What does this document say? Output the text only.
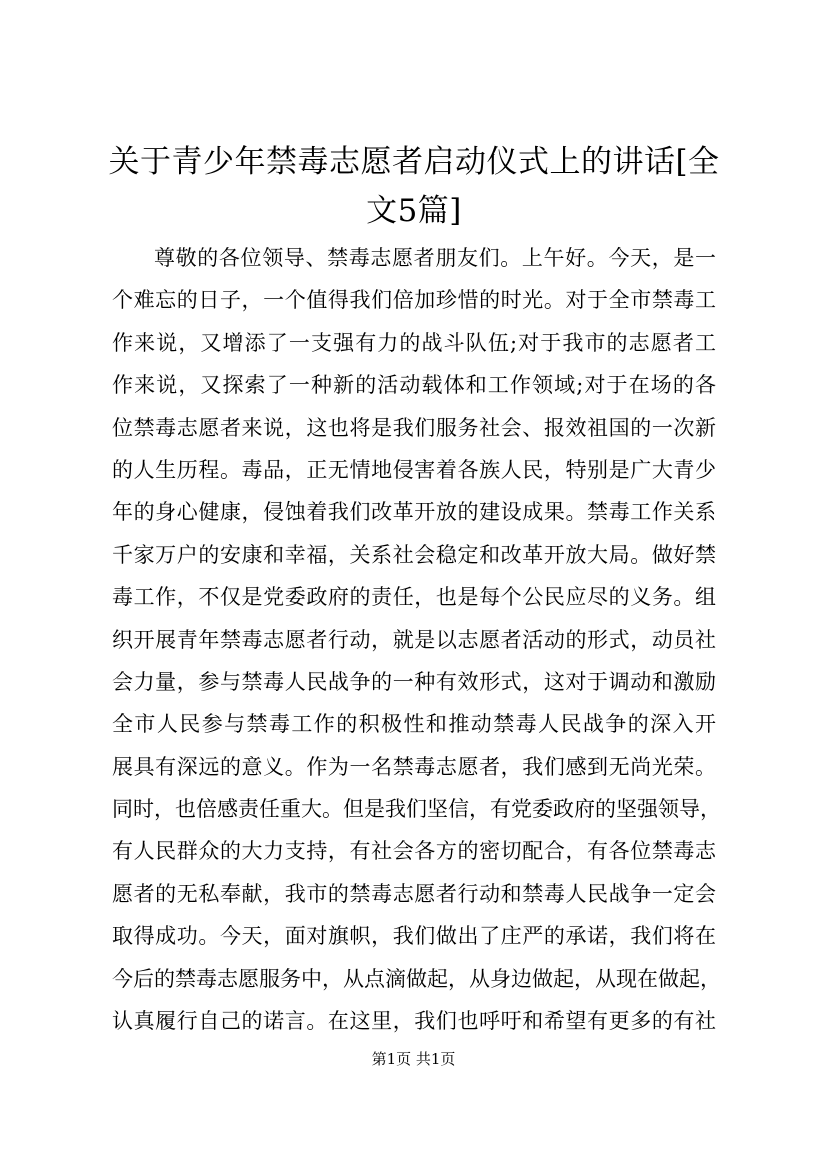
关于青少年禁毒志愿者启动仪式上的讲话[全文5篇]
尊敬的各位领导、禁毒志愿者朋友们。上午好。今天，是一
个难忘的日子，一个值得我们倍加珍惜的时光。对于全市禁毒工
作来说，又增添了一支强有力的战斗队伍;对于我市的志愿者工
作来说，又探索了一种新的活动载体和工作领域;对于在场的各
位禁毒志愿者来说，这也将是我们服务社会、报效祖国的一次新
的人生历程。毒品，正无情地侵害着各族人民，特别是广大青少
年的身心健康，侵蚀着我们改革开放的建设成果。禁毒工作关系
千家万户的安康和幸福，关系社会稳定和改革开放大局。做好禁
毒工作，不仅是党委政府的责任，也是每个公民应尽的义务。组
织开展青年禁毒志愿者行动，就是以志愿者活动的形式，动员社
会力量，参与禁毒人民战争的一种有效形式，这对于调动和激励
全市人民参与禁毒工作的积极性和推动禁毒人民战争的深入开
展具有深远的意义。作为一名禁毒志愿者，我们感到无尚光荣。
同时，也倍感责任重大。但是我们坚信，有党委政府的坚强领导，
有人民群众的大力支持，有社会各方的密切配合，有各位禁毒志
愿者的无私奉献，我市的禁毒志愿者行动和禁毒人民战争一定会
取得成功。今天，面对旗帜，我们做出了庄严的承诺，我们将在
今后的禁毒志愿服务中，从点滴做起，从身边做起，从现在做起，
认真履行自己的诺言。在这里，我们也呼吁和希望有更多的有社
第1页 共1页
